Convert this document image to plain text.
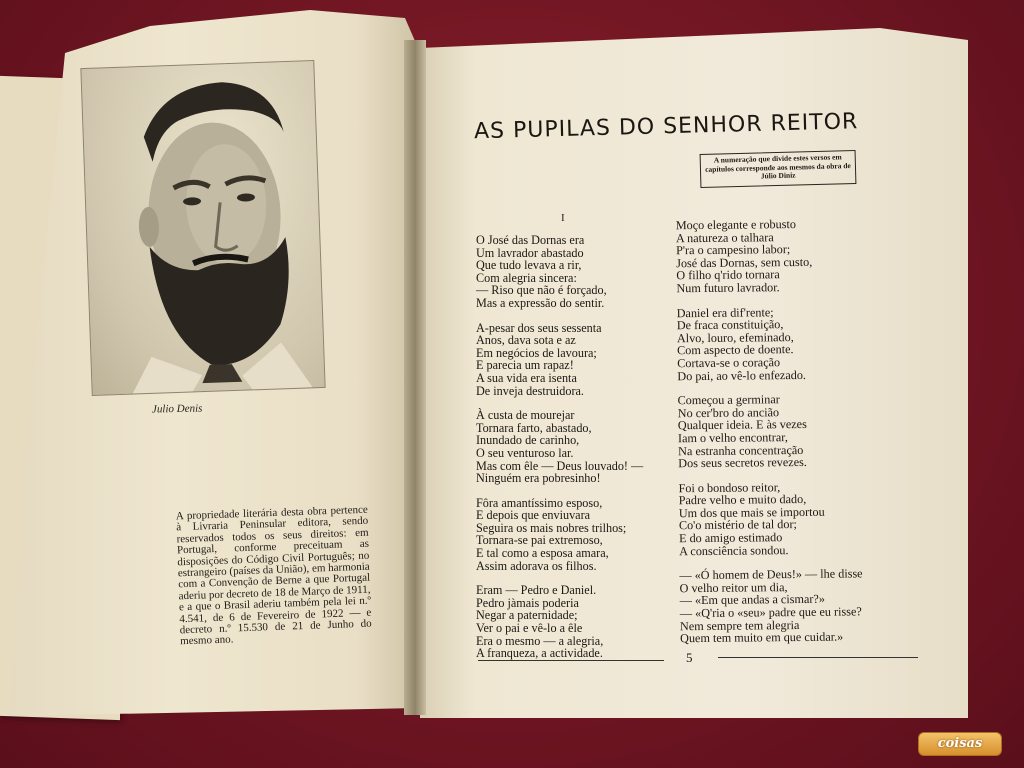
Julio Denis
A propriedade literária desta obra pertence à Livraria Peninsular editora, sendo reservados todos os seus direitos: em Portugal, conforme preceituam as disposições do Código Civil Português; no estrangeiro (países da União), em harmonia com a Convenção de Berne a que Portugal aderiu por decreto de 18 de Março de 1911, e a que o Brasil aderiu também pela lei n.º 4.541, de 6 de Fevereiro de 1922 — e decreto n.º 15.530 de 21 de Junho do mesmo ano.
AS PUPILAS DO SENHOR REITOR
A numeração que divide estes versos em capítulos corresponde aos mesmos da obra de Júlio Diniz
I
O José das Dornas era
Um lavrador abastado
Que tudo levava a rir,
Com alegria sincera:
— Riso que não é forçado,
Mas a expressão do sentir.
A-pesar dos seus sessenta
Anos, dava sota e az
Em negócios de lavoura;
E parecia um rapaz!
A sua vida era isenta
De inveja destruidora.
À custa de mourejar
Tornara farto, abastado,
Inundado de carinho,
O seu venturoso lar.
Mas com êle — Deus louvado! —
Ninguém era pobresinho!
Fôra amantíssimo esposo,
E depois que enviuvara
Seguira os mais nobres trilhos;
Tornara-se pai extremoso,
E tal como a esposa amara,
Assim adorava os filhos.
Eram — Pedro e Daniel.
Pedro jàmais poderia
Negar a paternidade;
Ver o pai e vê-lo a êle
Era o mesmo — a alegria,
A franqueza, a actividade.
Moço elegante e robusto
A natureza o talhara
P'ra o campesino labor;
José das Dornas, sem custo,
O filho q'rido tornara
Num futuro lavrador.
Daniel era dif'rente;
De fraca constituição,
Alvo, louro, efeminado,
Com aspecto de doente.
Cortava-se o coração
Do pai, ao vê-lo enfezado.
Começou a germinar
No cer'bro do ancião
Qualquer ideia. E às vezes
Iam o velho encontrar,
Na estranha concentração
Dos seus secretos revezes.
Foi o bondoso reitor,
Padre velho e muito dado,
Um dos que mais se importou
Co'o mistério de tal dor;
E do amigo estimado
A consciência sondou.
— «Ó homem de Deus!» — lhe disse
O velho reitor um dia,
— «Em que andas a cismar?»
— «Q'ria o «seu» padre que eu risse?
Nem sempre tem alegria
Quem tem muito em que cuidar.»
5
coisas
